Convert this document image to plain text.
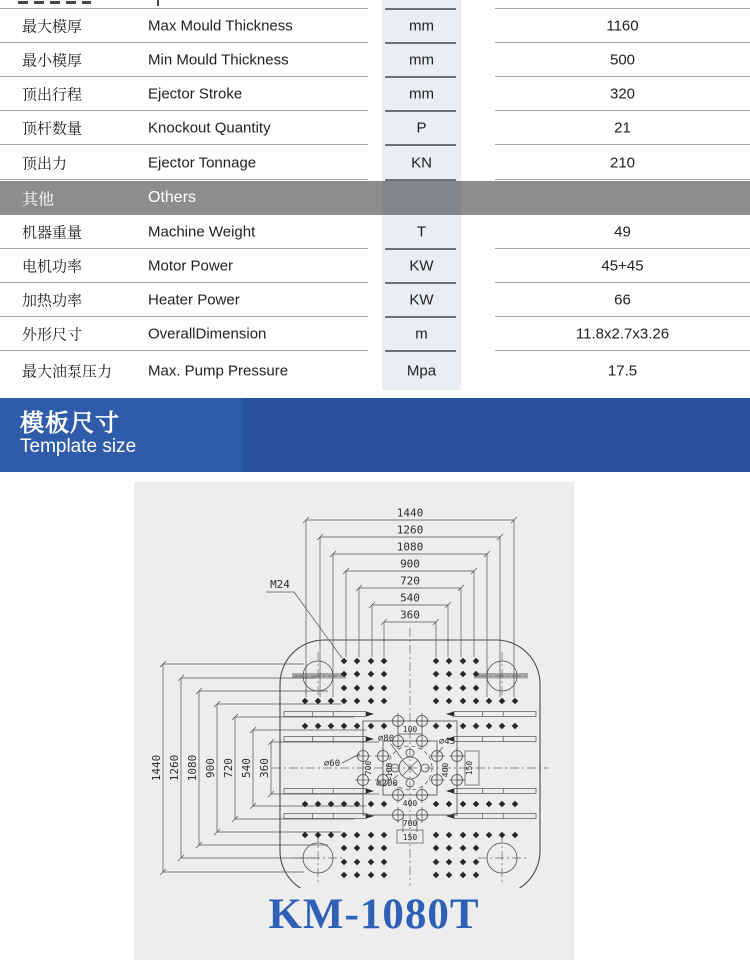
最大模厚	Max Mould Thickness	mm	1160
最小模厚	Min Mould Thickness	mm	500
顶出行程	Ejector Stroke	mm	320
顶杆数量	Knockout Quantity	P	21
顶出力	Ejector Tonnage	KN	210
其他	Others
机器重量	Machine Weight	T	49
电机功率	Motor Power	KW	45+45
加热功率	Heater Power	KW	66
外形尺寸	OverallDimension	m	11.8x2.7x3.26
最大油泵压力 Max. Pump Pressure	Mpa	17.5
模板尺寸
Template size
1440
1260
1080
900
720
540
360
1440 1260 1080 900 720 540 360
M24
∅80	∅45
∅60
∅200
100
700 100	400 150
400
700
150
KM-1080T
